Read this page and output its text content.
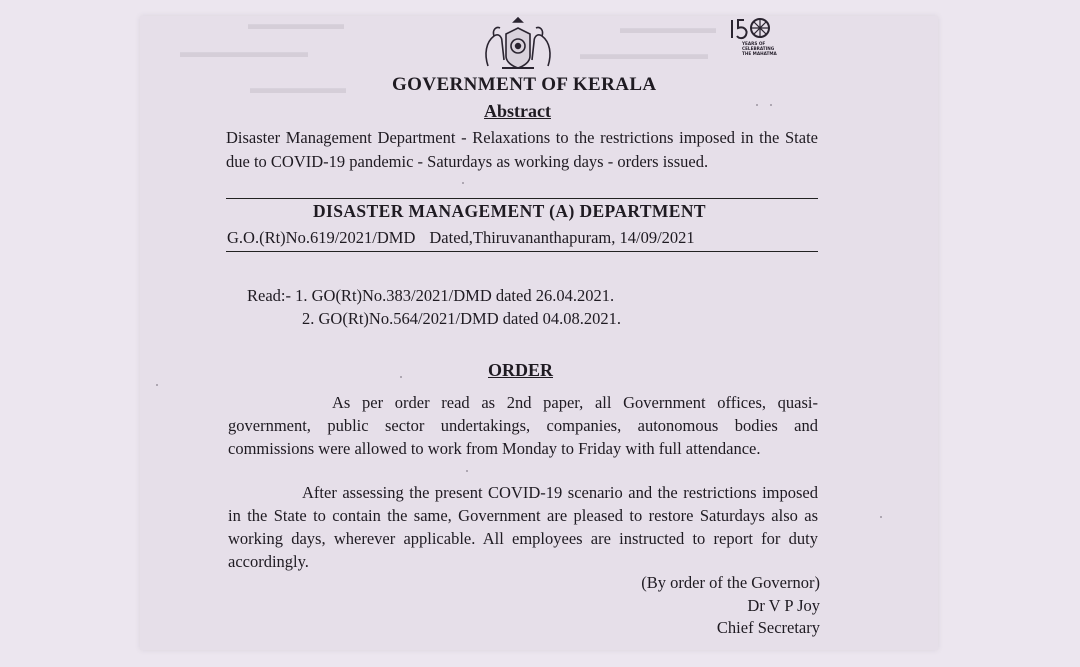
YEARS OF
CELEBRATING
THE MAHATMA
▬▬▬▬▬▬
▬▬▬▬▬▬▬▬
▬▬▬▬▬▬
▬▬▬▬▬▬
▬▬▬▬▬▬▬▬
GOVERNMENT OF KERALA
Abstract
Disaster Management Department - Relaxations to the restrictions imposed in the State due to COVID-19 pandemic - Saturdays as working days - orders issued.
DISASTER MANAGEMENT (A) DEPARTMENT
G.O.(Rt)No.619/2021/DMD Dated,Thiruvananthapuram, 14/09/2021
Read:- 1. GO(Rt)No.383/2021/DMD dated 26.04.2021.
2. GO(Rt)No.564/2021/DMD dated 04.08.2021.
ORDER
As per order read as 2nd paper, all Government offices, quasi-government, public sector undertakings, companies, autonomous bodies and commissions were allowed to work from Monday to Friday with full attendance.
After assessing the present COVID-19 scenario and the restrictions imposed in the State to contain the same, Government are pleased to restore Saturdays also as working days, wherever applicable. All employees are instructed to report for duty accordingly.
(By order of the Governor)
Dr V P Joy
Chief Secretary
